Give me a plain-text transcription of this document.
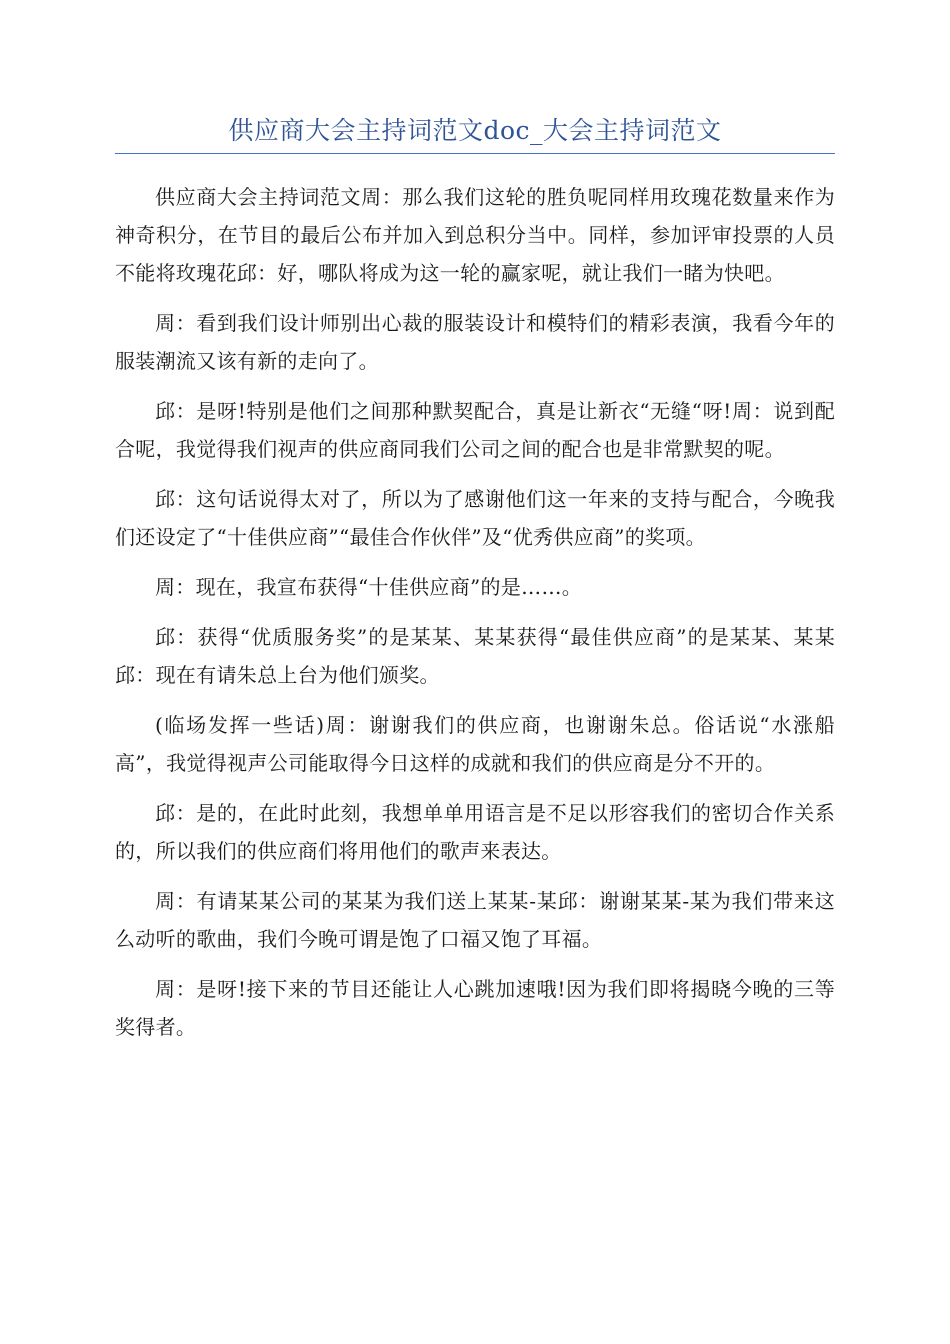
供应商大会主持词范文doc_大会主持词范文

供应商大会主持词范文周：那么我们这轮的胜负呢同样用玫瑰花数量来作为神奇积分，在节目的最后公布并加入到总积分当中。同样，参加评审投票的人员不能将玫瑰花邱：好，哪队将成为这一轮的赢家呢，就让我们一睹为快吧。

周：看到我们设计师别出心裁的服装设计和模特们的精彩表演，我看今年的服装潮流又该有新的走向了。

邱：是呀!特别是他们之间那种默契配合，真是让新衣“无缝“呀!周：说到配合呢，我觉得我们视声的供应商同我们公司之间的配合也是非常默契的呢。

邱：这句话说得太对了，所以为了感谢他们这一年来的支持与配合，今晚我们还设定了“十佳供应商”“最佳合作伙伴”及“优秀供应商”的奖项。

周：现在，我宣布获得“十佳供应商”的是……。

邱：获得“优质服务奖”的是某某、某某获得“最佳供应商”的是某某、某某邱：现在有请朱总上台为他们颁奖。

(临场发挥一些话)周：谢谢我们的供应商，也谢谢朱总。俗话说“水涨船高”，我觉得视声公司能取得今日这样的成就和我们的供应商是分不开的。

邱：是的，在此时此刻，我想单单用语言是不足以形容我们的密切合作关系的，所以我们的供应商们将用他们的歌声来表达。

周：有请某某公司的某某为我们送上某某-某邱：谢谢某某-某为我们带来这么动听的歌曲，我们今晚可谓是饱了口福又饱了耳福。

周：是呀!接下来的节目还能让人心跳加速哦!因为我们即将揭晓今晚的三等奖得者。
